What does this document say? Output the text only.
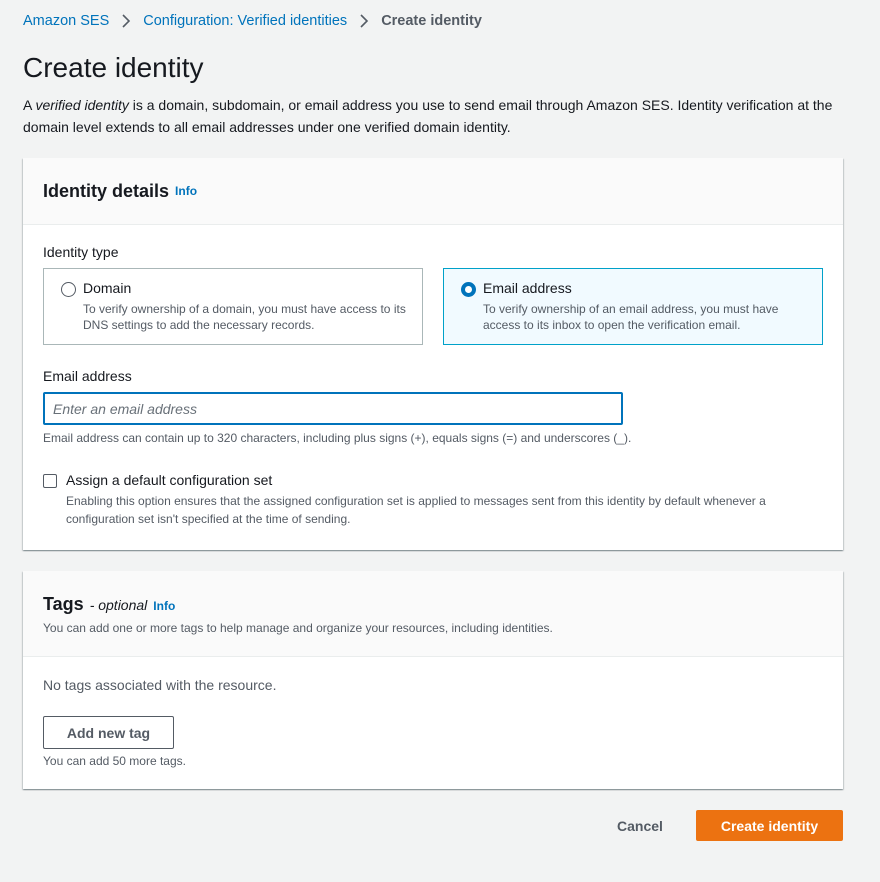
Amazon SES Configuration: Verified identities Create identity
Create identity
A verified identity is a domain, subdomain, or email address you use to send email through Amazon SES. Identity verification at the domain level extends to all email addresses under one verified domain identity.
Identity details Info
Identity type
Domain
To verify ownership of a domain, you must have access to its DNS settings to add the necessary records.
Email address
To verify ownership of an email address, you must have access to its inbox to open the verification email.
Email address
Enter an email address
Email address can contain up to 320 characters, including plus signs (+), equals signs (=) and underscores (_).
Assign a default configuration set
Enabling this option ensures that the assigned configuration set is applied to messages sent from this identity by default whenever a configuration set isn't specified at the time of sending.
Tags - optional Info
You can add one or more tags to help manage and organize your resources, including identities.
No tags associated with the resource.
Add new tag
You can add 50 more tags.
Cancel	Create identity
